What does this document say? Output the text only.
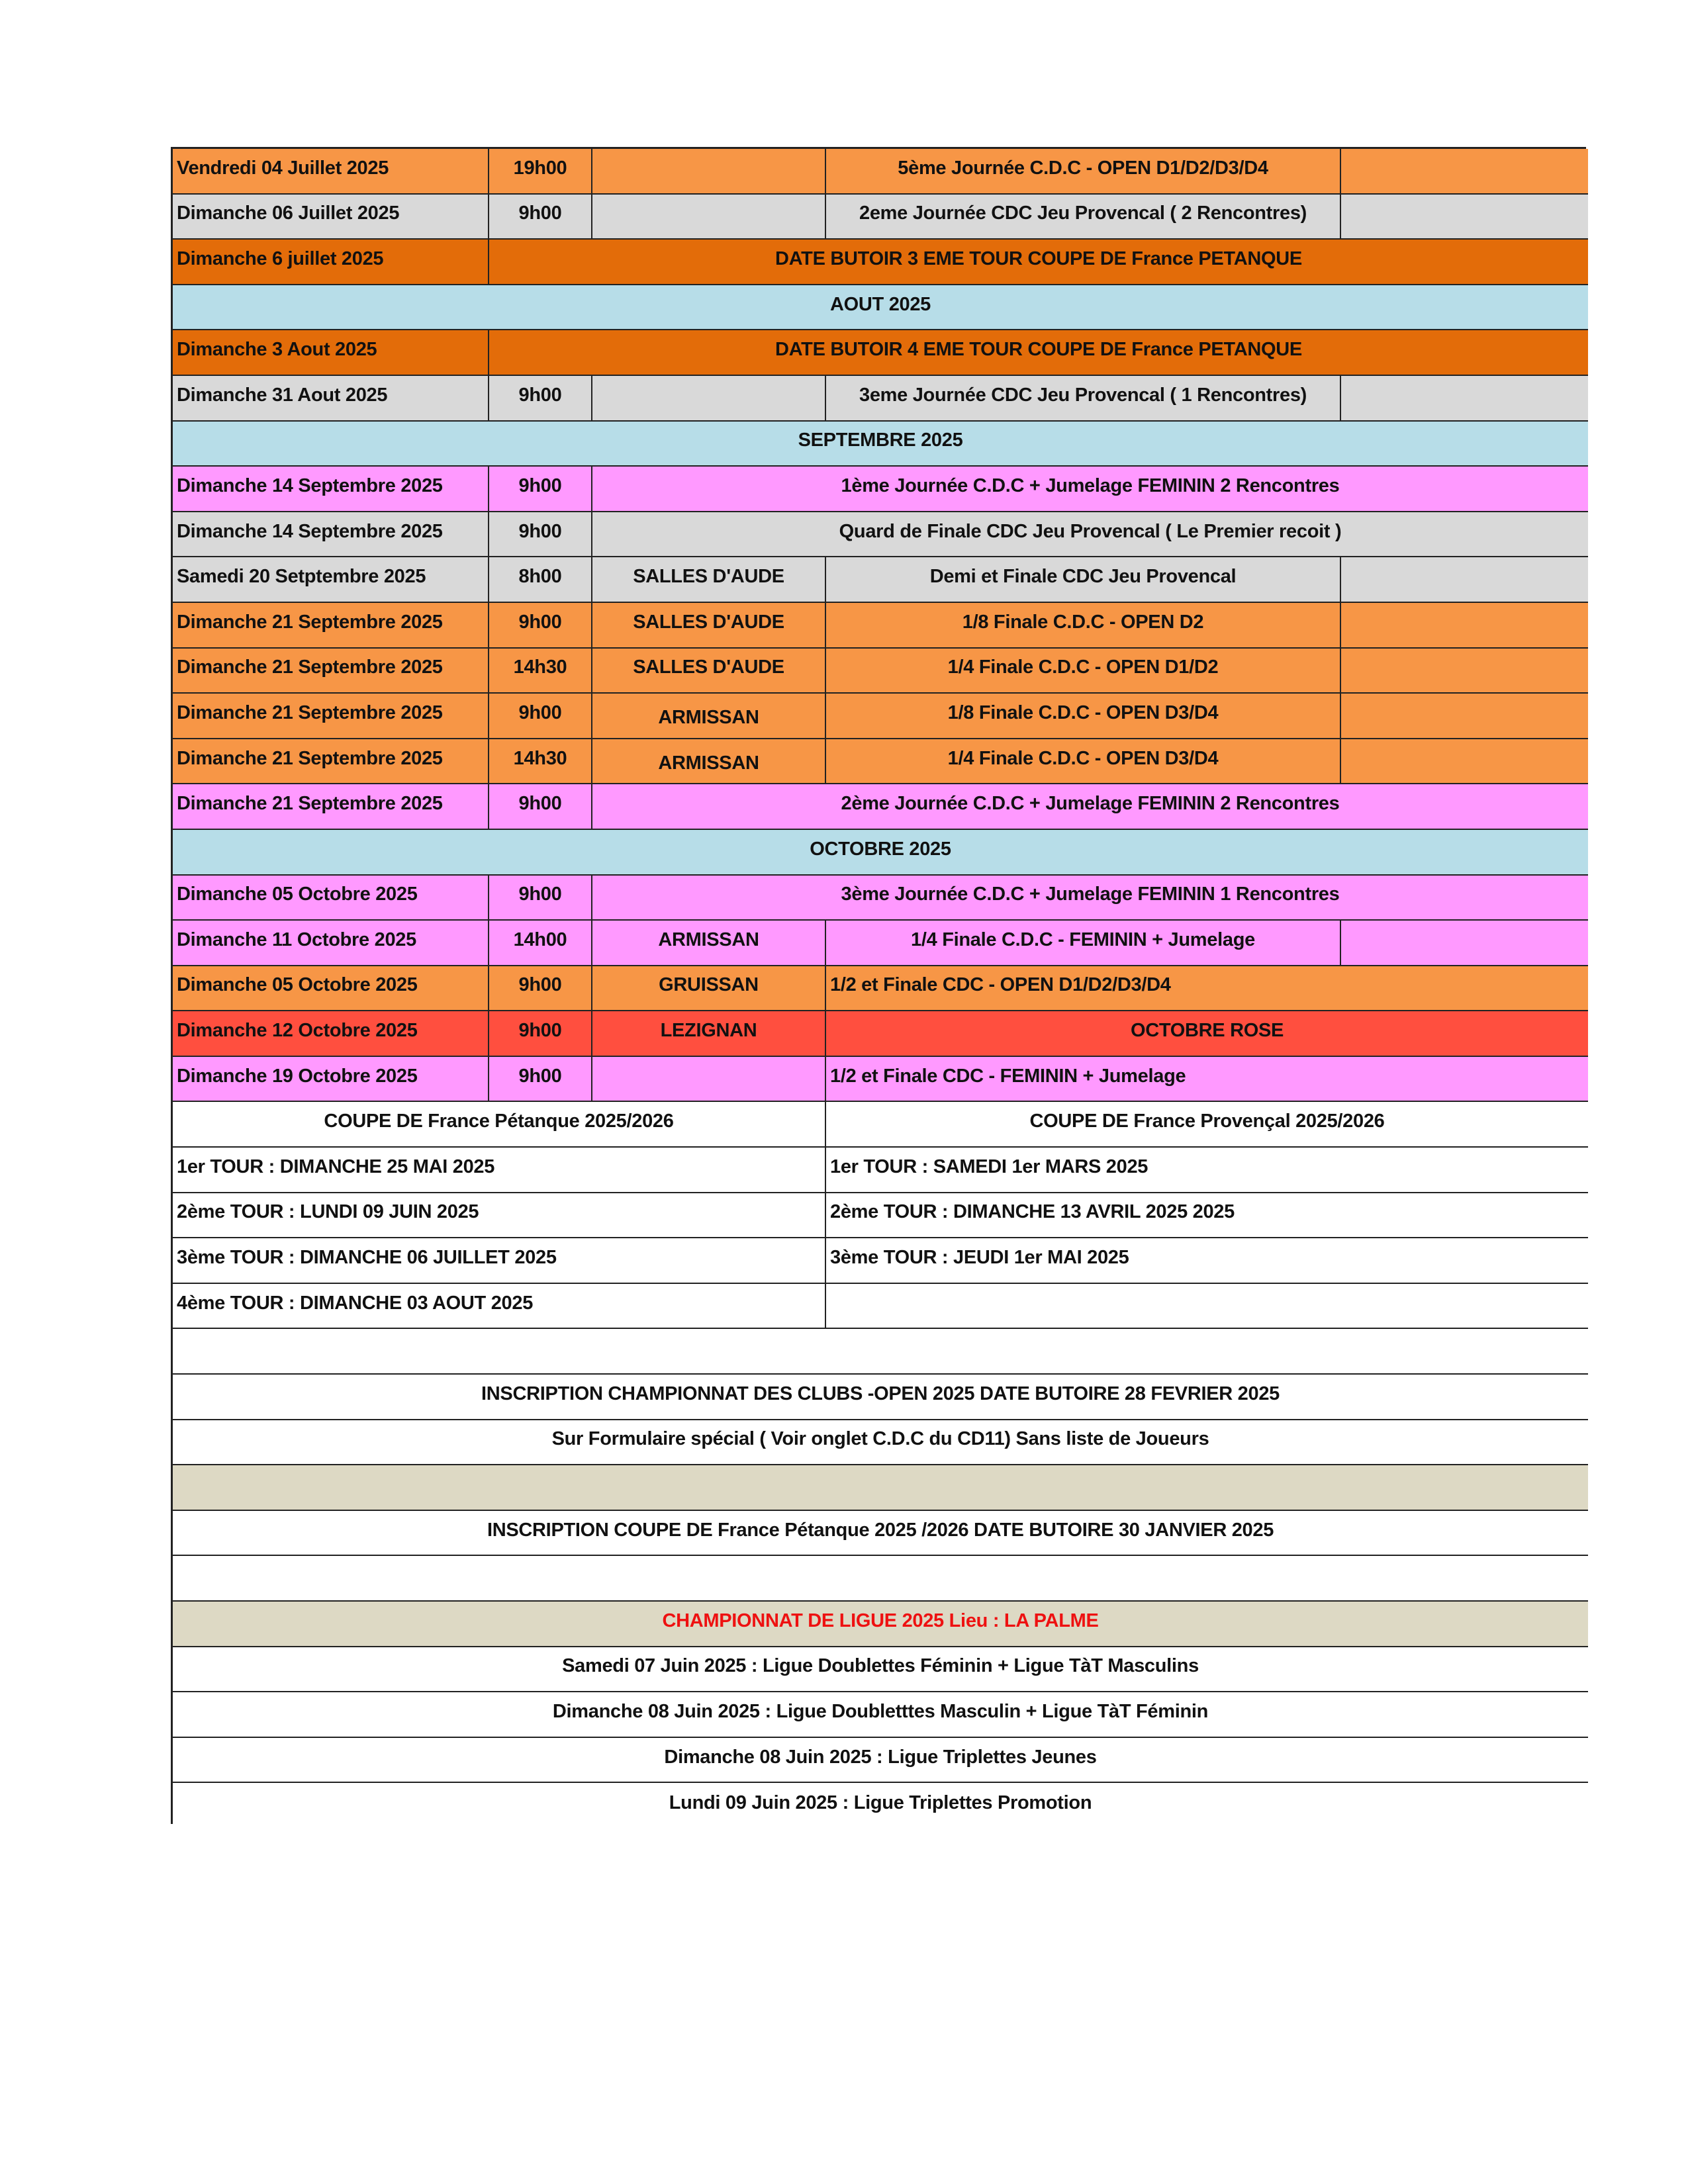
Vendredi 04 Juillet 2025	19h00	5ème Journée C.D.C - OPEN D1/D2/D3/D4
Dimanche 06 Juillet 2025	9h00	2eme Journée CDC Jeu Provencal ( 2 Rencontres)
Dimanche 6 juillet 2025	DATE BUTOIR 3 EME TOUR COUPE DE France PETANQUE
AOUT 2025
Dimanche 3 Aout 2025	DATE BUTOIR 4 EME TOUR COUPE DE France PETANQUE
Dimanche 31 Aout 2025	9h00	3eme Journée CDC Jeu Provencal ( 1 Rencontres)
SEPTEMBRE 2025
Dimanche 14 Septembre 2025	9h00	1ème Journée C.D.C + Jumelage FEMININ 2 Rencontres
Dimanche 14 Septembre 2025	9h00	Quard de Finale CDC Jeu Provencal ( Le Premier recoit )
Samedi 20 Setptembre 2025	8h00	SALLES D'AUDE	Demi et Finale CDC Jeu Provencal
Dimanche 21 Septembre 2025	9h00	SALLES D'AUDE	1/8 Finale C.D.C - OPEN D2
Dimanche 21 Septembre 2025	14h30	SALLES D'AUDE	1/4 Finale C.D.C - OPEN D1/D2
Dimanche 21 Septembre 2025	9h00	ARMISSAN	1/8 Finale C.D.C - OPEN D3/D4
Dimanche 21 Septembre 2025	14h30	ARMISSAN	1/4 Finale C.D.C - OPEN D3/D4
Dimanche 21 Septembre 2025	9h00	2ème Journée C.D.C + Jumelage FEMININ 2 Rencontres
OCTOBRE 2025
Dimanche 05 Octobre 2025	9h00	3ème Journée C.D.C + Jumelage FEMININ 1 Rencontres
Dimanche 11 Octobre 2025	14h00	ARMISSAN	1/4 Finale C.D.C - FEMININ + Jumelage
Dimanche 05 Octobre 2025	9h00	GRUISSAN	1/2 et Finale CDC - OPEN D1/D2/D3/D4
Dimanche 12 Octobre 2025	9h00	LEZIGNAN	OCTOBRE ROSE
Dimanche 19 Octobre 2025	9h00	1/2 et Finale CDC - FEMININ + Jumelage
COUPE DE France Pétanque 2025/2026	COUPE DE France Provençal 2025/2026
1er TOUR : DIMANCHE 25 MAI 2025	1er TOUR : SAMEDI 1er MARS 2025
2ème TOUR : LUNDI 09 JUIN 2025	2ème TOUR : DIMANCHE 13 AVRIL 2025 2025
3ème TOUR : DIMANCHE 06 JUILLET 2025	3ème TOUR : JEUDI 1er MAI 2025
4ème TOUR : DIMANCHE 03 AOUT 2025
INSCRIPTION CHAMPIONNAT DES CLUBS -OPEN 2025 DATE BUTOIRE 28 FEVRIER 2025
Sur Formulaire spécial ( Voir onglet C.D.C du CD11) Sans liste de Joueurs
INSCRIPTION COUPE DE France Pétanque 2025 /2026 DATE BUTOIRE 30 JANVIER 2025
CHAMPIONNAT DE LIGUE 2025 Lieu : LA PALME
Samedi 07 Juin 2025 : Ligue Doublettes Féminin + Ligue TàT Masculins
Dimanche 08 Juin 2025 : Ligue Doubletttes Masculin + Ligue TàT Féminin
Dimanche 08 Juin 2025 : Ligue Triplettes Jeunes
Lundi 09 Juin 2025 : Ligue Triplettes Promotion
